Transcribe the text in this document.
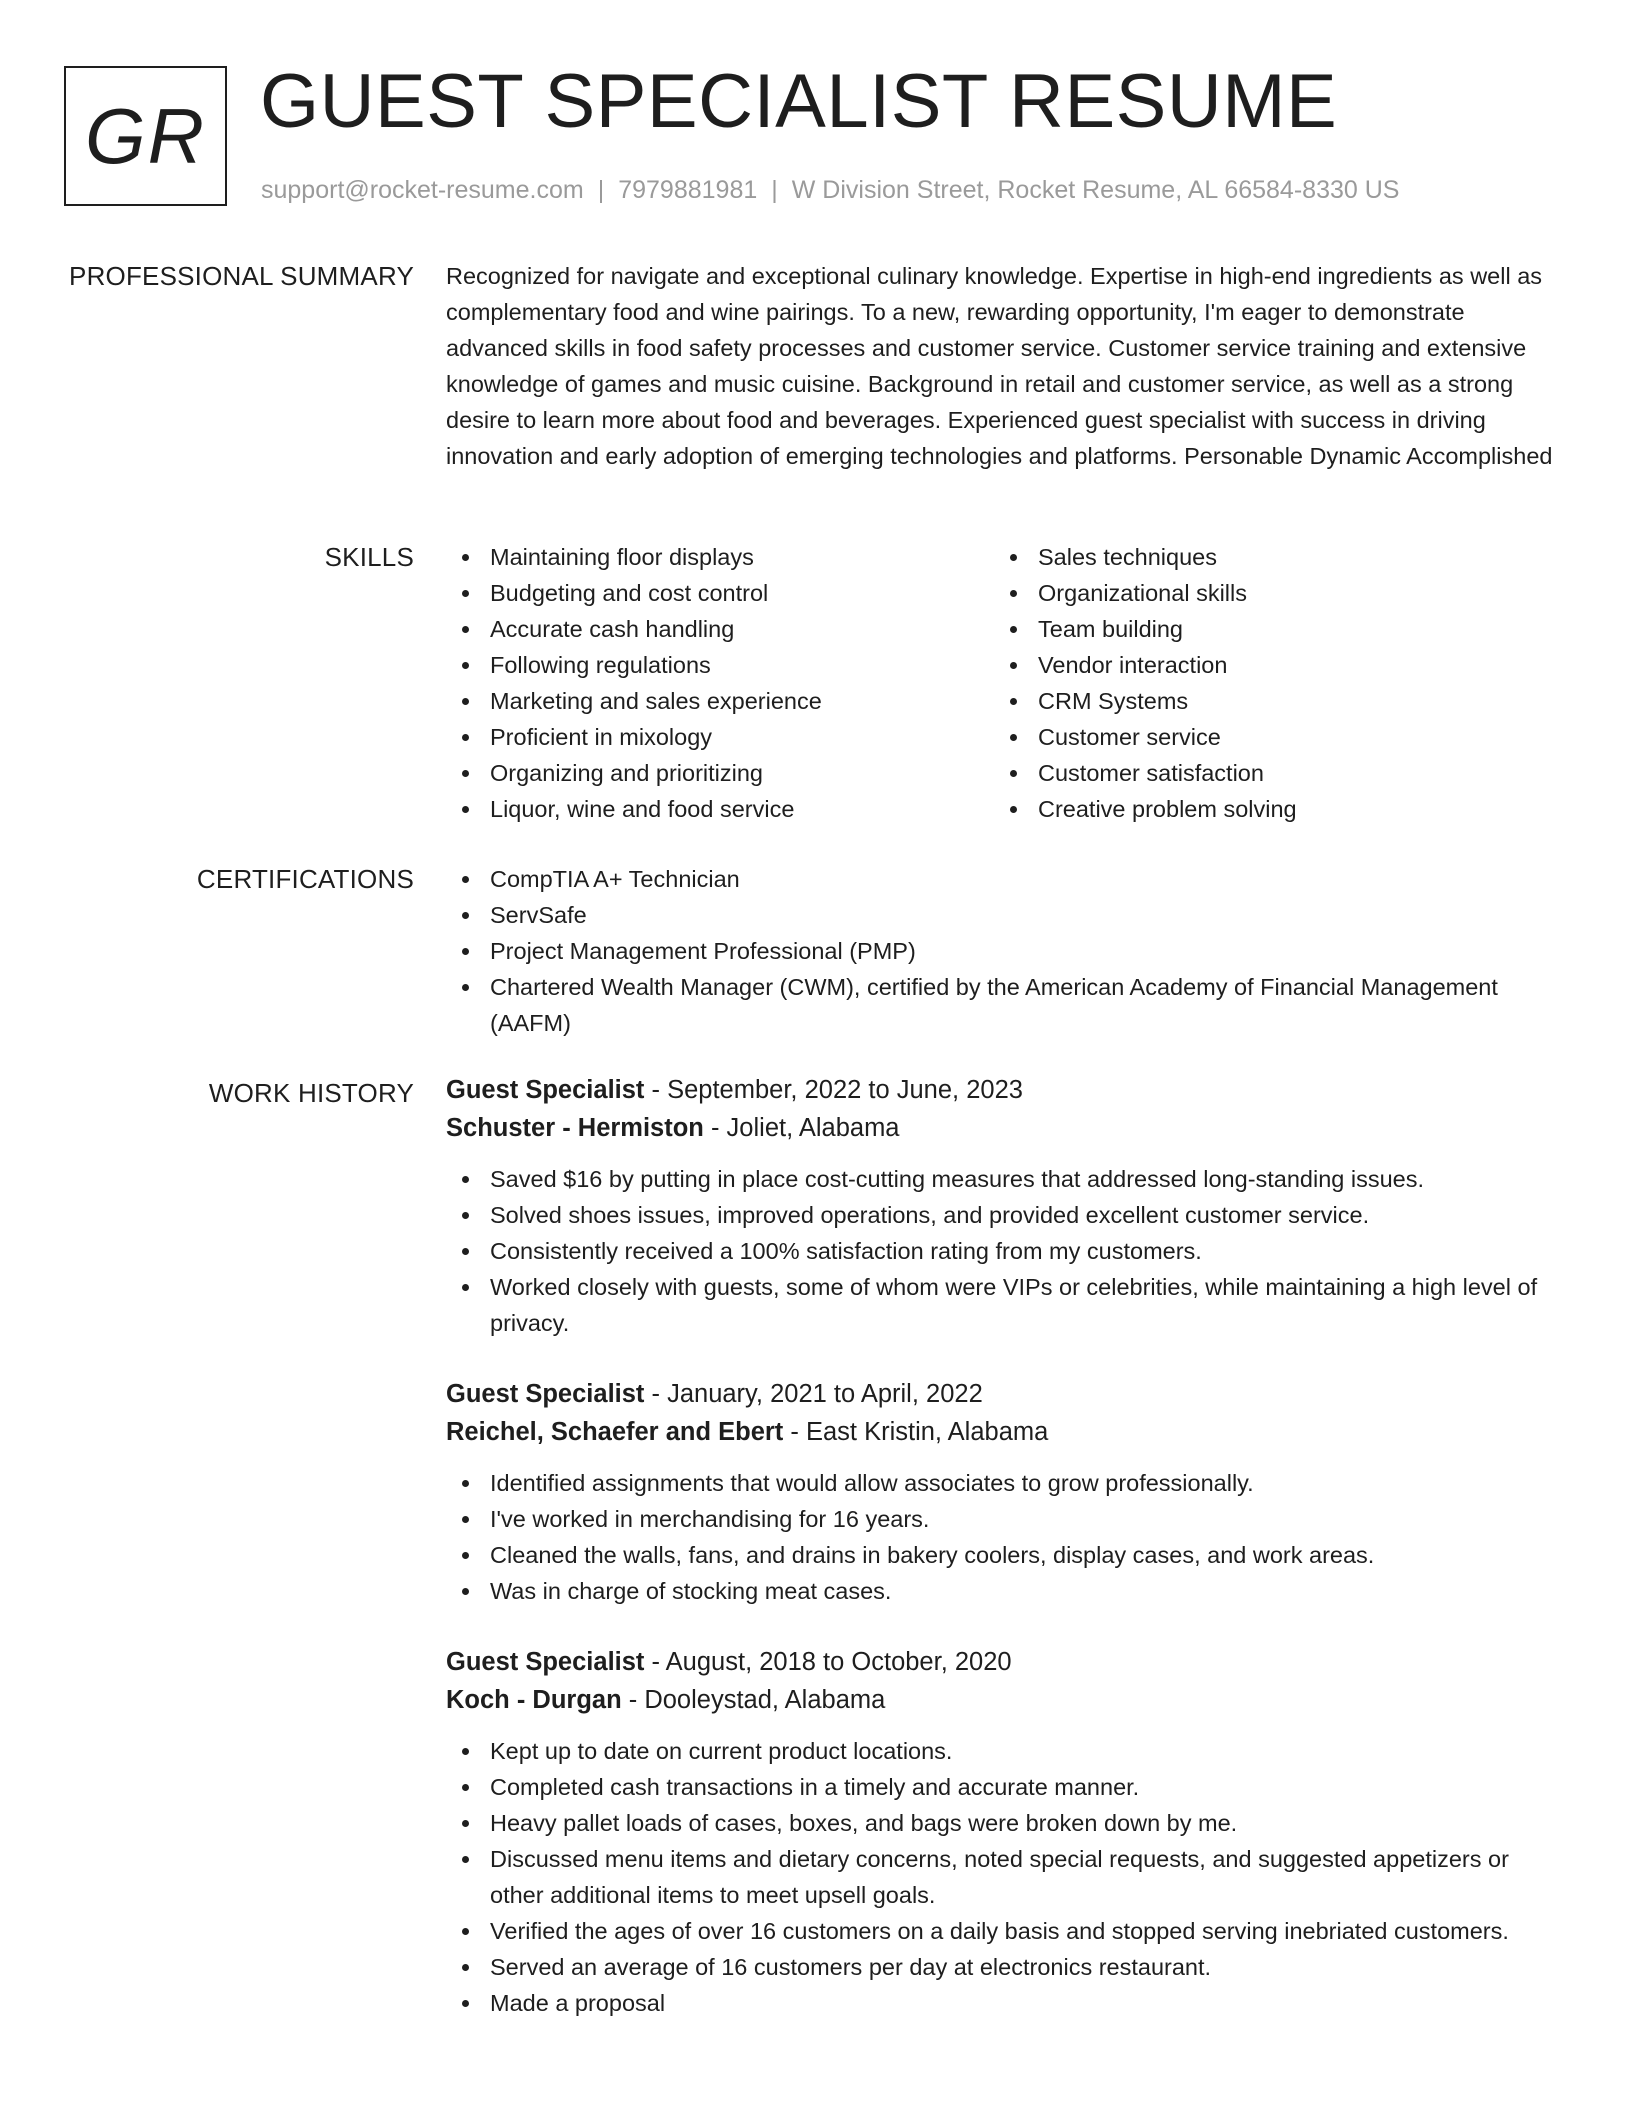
GR GUEST SPECIALIST RESUME
support@rocket-resume.com | 7979881981 | W Division Street, Rocket Resume, AL 66584-8330 US
PROFESSIONAL SUMMARY Recognized for navigate and exceptional culinary knowledge. Expertise in high-end ingredients as well as complementary food and wine pairings. To a new, rewarding opportunity, I'm eager to demonstrate advanced skills in food safety processes and customer service. Customer service training and extensive knowledge of games and music cuisine. Background in retail and customer service, as well as a strong desire to learn more about food and beverages. Experienced guest specialist with success in driving innovation and early adoption of emerging technologies and platforms. Personable Dynamic Accomplished

SKILLS	Maintaining floor displays
Budgeting and cost control
Accurate cash handling
Following regulations
Marketing and sales experience
Proficient in mixology
Organizing and prioritizing
Liquor, wine and food service
Sales techniques
Organizational skills
Team building
Vendor interaction
CRM Systems
Customer service
Customer satisfaction
Creative problem solving
CERTIFICATIONS	CompTIA A+ Technician
ServSafe
Project Management Professional (PMP)
Chartered Wealth Manager (CWM), certified by the American Academy of Financial Management (AAFM)
WORK HISTORY Guest Specialist - September, 2022 to June, 2023
Schuster - Hermiston - Joliet, Alabama
Saved $16 by putting in place cost-cutting measures that addressed long-standing issues.
Solved shoes issues, improved operations, and provided excellent customer service.
Consistently received a 100% satisfaction rating from my customers.
Worked closely with guests, some of whom were VIPs or celebrities, while maintaining a high level of privacy.
Guest Specialist - January, 2021 to April, 2022
Reichel, Schaefer and Ebert - East Kristin, Alabama
Identified assignments that would allow associates to grow professionally.
I've worked in merchandising for 16 years.
Cleaned the walls, fans, and drains in bakery coolers, display cases, and work areas.
Was in charge of stocking meat cases.
Guest Specialist - August, 2018 to October, 2020
Koch - Durgan - Dooleystad, Alabama
Kept up to date on current product locations.
Completed cash transactions in a timely and accurate manner.
Heavy pallet loads of cases, boxes, and bags were broken down by me.
Discussed menu items and dietary concerns, noted special requests, and suggested appetizers or other additional items to meet upsell goals.
Verified the ages of over 16 customers on a daily basis and stopped serving inebriated customers.
Served an average of 16 customers per day at electronics restaurant.
Made a proposal
